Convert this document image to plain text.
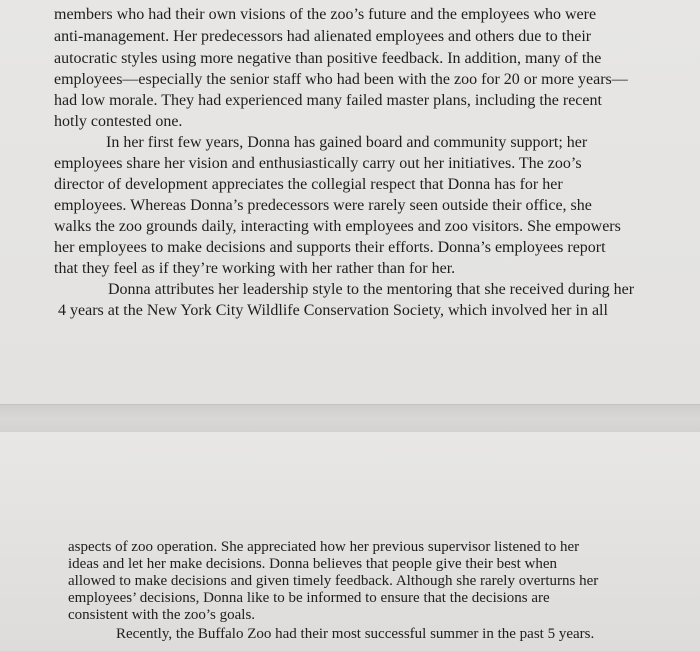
members who had their own visions of the zoo’s future and the employees who were
anti-management. Her predecessors had alienated employees and others due to their
autocratic styles using more negative than positive feedback. In addition, many of the
employees—especially the senior staff who had been with the zoo for 20 or more years—
had low morale. They had experienced many failed master plans, including the recent
hotly contested one.
In her first few years, Donna has gained board and community support; her
employees share her vision and enthusiastically carry out her initiatives. The zoo’s
director of development appreciates the collegial respect that Donna has for her
employees. Whereas Donna’s predecessors were rarely seen outside their office, she
walks the zoo grounds daily, interacting with employees and zoo visitors. She empowers
her employees to make decisions and supports their efforts. Donna’s employees report
that they feel as if they’re working with her rather than for her.
Donna attributes her leadership style to the mentoring that she received during her
4 years at the New York City Wildlife Conservation Society, which involved her in all
aspects of zoo operation. She appreciated how her previous supervisor listened to her
ideas and let her make decisions. Donna believes that people give their best when
allowed to make decisions and given timely feedback. Although she rarely overturns her
employees’ decisions, Donna like to be informed to ensure that the decisions are
consistent with the zoo’s goals.
Recently, the Buffalo Zoo had their most successful summer in the past 5 years.
